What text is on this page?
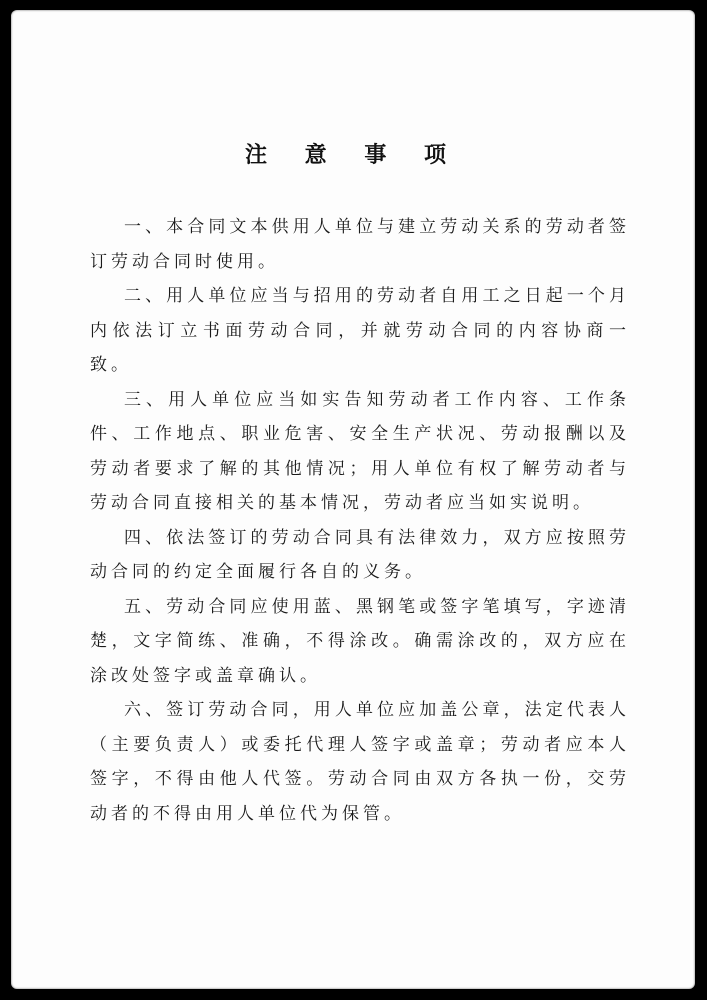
注 意 事 项

一、本合同文本供用人单位与建立劳动关系的劳动者签订劳动合同时使用。

二、用人单位应当与招用的劳动者自用工之日起一个月内依法订立书面劳动合同，并就劳动合同的内容协商一致。

三、用人单位应当如实告知劳动者工作内容、工作条件、工作地点、职业危害、安全生产状况、劳动报酬以及劳动者要求了解的其他情况；用人单位有权了解劳动者与劳动合同直接相关的基本情况，劳动者应当如实说明。

四、依法签订的劳动合同具有法律效力，双方应按照劳动合同的约定全面履行各自的义务。

五、劳动合同应使用蓝、黑钢笔或签字笔填写，字迹清楚，文字简练、准确，不得涂改。确需涂改的，双方应在涂改处签字或盖章确认。

六、签订劳动合同，用人单位应加盖公章，法定代表人（主要负责人）或委托代理人签字或盖章；劳动者应本人签字，不得由他人代签。劳动合同由双方各执一份，交劳动者的不得由用人单位代为保管。
